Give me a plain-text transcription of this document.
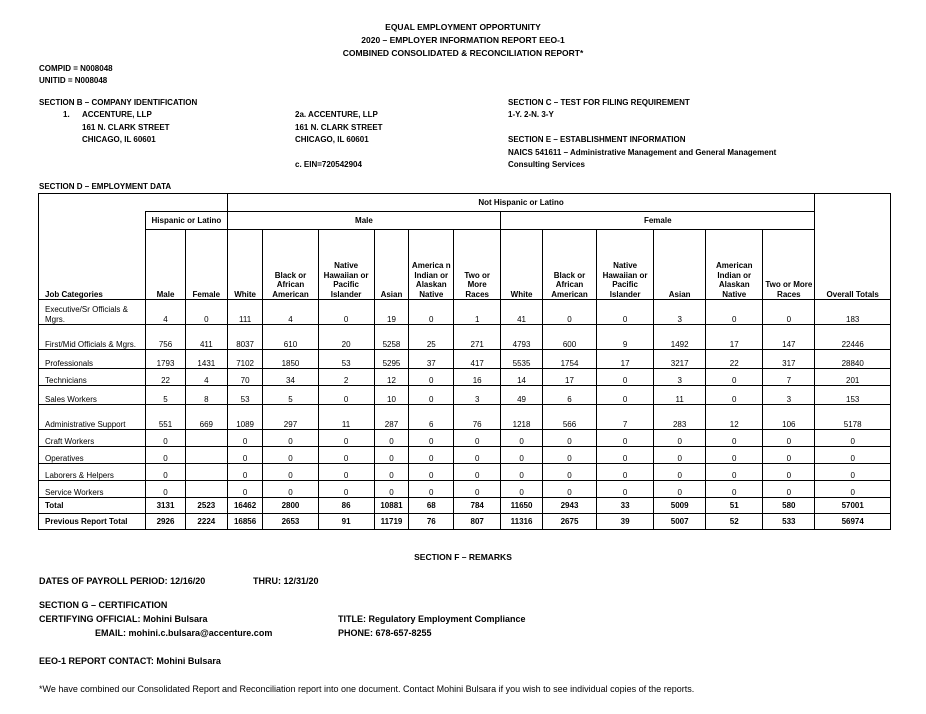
EQUAL EMPLOYMENT OPPORTUNITY
2020 – EMPLOYER INFORMATION REPORT EEO-1
COMBINED CONSOLIDATED & RECONCILIATION REPORT*
COMPID = N008048
UNITID = N008048
SECTION B – COMPANY IDENTIFICATION
1. ACCENTURE, LLP
161 N. CLARK STREET
CHICAGO, IL 60601
2a. ACCENTURE, LLP
161 N. CLARK STREET
CHICAGO, IL 60601
c. EIN=720542904
SECTION C – TEST FOR FILING REQUIREMENT
1-Y. 2-N. 3-Y
SECTION E – ESTABLISHMENT INFORMATION
NAICS 541611 – Administrative Management and General Management
Consulting Services
SECTION D – EMPLOYMENT DATA
			Not Hispanic or Latino												
	Hispanic or Latino		Male						Female						
Job Categories	Male	Female	White	Black or African American	Native Hawaiian or Pacific Islander	Asian	America n Indian or Alaskan Native	Two or More Races	White	Black or African American	Native Hawaiian or Pacific Islander	Asian	American Indian or Alaskan Native	Two or More Races	Overall Totals
Executive/Sr Officials & Mgrs.	4	0	111	4	0	19	0	1	41	0	0	3	0	0	183
First/Mid Officials & Mgrs.	756	411	8037	610	20	5258	25	271	4793	600	9	1492	17	147	22446
Professionals	1793	1431	7102	1850	53	5295	37	417	5535	1754	17	3217	22	317	28840
Technicians	22	4	70	34	2	12	0	16	14	17	0	3	0	7	201
Sales Workers	5	8	53	5	0	10	0	3	49	6	0	11	0	3	153
Administrative Support	551	669	1089	297	11	287	6	76	1218	566	7	283	12	106	5178
Craft Workers	0		0	0	0	0	0	0	0	0	0	0	0	0	0
Operatives	0		0	0	0	0	0	0	0	0	0	0	0	0	0
Laborers & Helpers	0		0	0	0	0	0	0	0	0	0	0	0	0	0
Service Workers	0		0	0	0	0	0	0	0	0	0	0	0	0	0
Total	3131	2523	16462	2800	86	10881	68	784	11650	2943	33	5009	51	580	57001
Previous Report Total	2926	2224	16856	2653	91	11719	76	807	11316	2675	39	5007	52	533	56974
SECTION F – REMARKS
DATES OF PAYROLL PERIOD: 12/16/20	THRU: 12/31/20
SECTION G – CERTIFICATION
CERTIFYING OFFICIAL: Mohini Bulsara
EMAIL: mohini.c.bulsara@accenture.com
TITLE: Regulatory Employment Compliance
PHONE: 678-657-8255
EEO-1 REPORT CONTACT: Mohini Bulsara
*We have combined our Consolidated Report and Reconciliation report into one document. Contact Mohini Bulsara if you wish to see individual copies of the reports.
